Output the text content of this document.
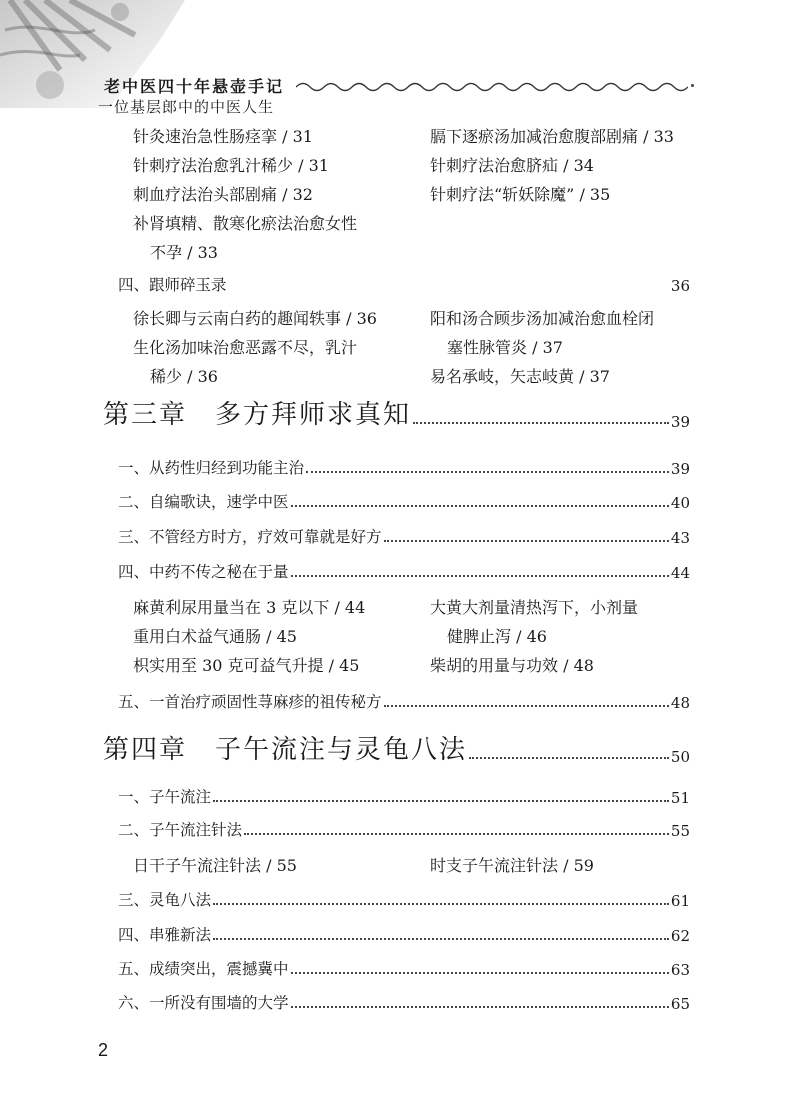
老中医四十年悬壶手记
一位基层郎中的中医人生
针灸速治急性肠痉挛 / 31	膈下逐瘀汤加减治愈腹部剧痛 / 33
针刺疗法治愈乳汁稀少 / 31	针刺疗法治愈脐疝 / 34
刺血疗法治头部剧痛 / 32	针刺疗法“斩妖除魔” / 35
补肾填精、散寒化瘀法治愈女性
不孕 / 33
四、跟师碎玉录	36
徐长卿与云南白药的趣闻轶事 / 36	阳和汤合顾步汤加减治愈血栓闭
生化汤加味治愈恶露不尽，乳汁	塞性脉管炎 / 37
稀少 / 36	易名承岐，矢志岐黄 / 37
第三章　多方拜师求真知	39
一、从药性归经到功能主治	39
二、自编歌诀，速学中医	40
三、不管经方时方，疗效可靠就是好方	43
四、中药不传之秘在于量	44
麻黄利尿用量当在 3 克以下 / 44	大黄大剂量清热泻下，小剂量
重用白术益气通肠 / 45	健脾止泻 / 46
枳实用至 30 克可益气升提 / 45	柴胡的用量与功效 / 48
五、一首治疗顽固性荨麻疹的祖传秘方	48
第四章　子午流注与灵龟八法	50
一、子午流注	51
二、子午流注针法	55
日干子午流注针法 / 55	时支子午流注针法 / 59
三、灵龟八法	61
四、串雅新法	62
五、成绩突出，震撼冀中	63
六、一所没有围墙的大学	65
2
